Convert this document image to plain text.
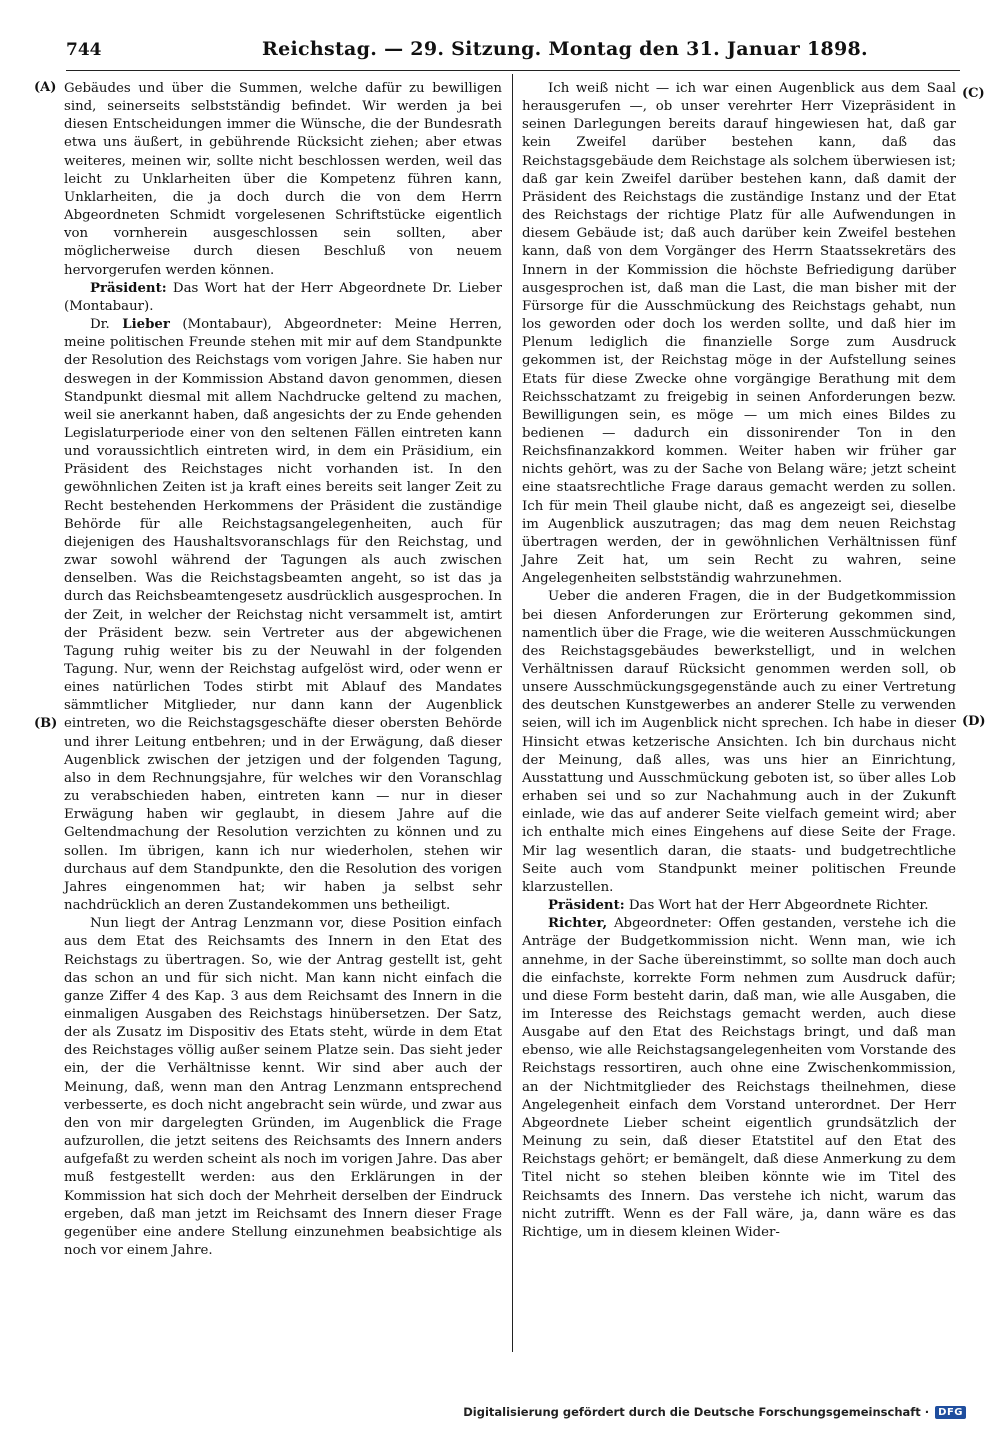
744	Reichstag. — 29. Sitzung. Montag den 31. Januar 1898.
(A)
(B)
(C)
(D)

Gebäudes und über die Summen, welche dafür zu bewilligen sind, seinerseits selbstständig befindet. Wir werden ja bei diesen Entscheidungen immer die Wünsche, die der Bundesrath etwa uns äußert, in gebührende Rücksicht ziehen; aber etwas weiteres, meinen wir, sollte nicht beschlossen werden, weil das leicht zu Unklarheiten über die Kompetenz führen kann, Unklarheiten, die ja doch durch die von dem Herrn Abgeordneten Schmidt vorgelesenen Schriftstücke eigentlich von vornherein ausgeschlossen sein sollten, aber möglicherweise durch diesen Beschluß von neuem hervorgerufen werden können.

Präsident: Das Wort hat der Herr Abgeordnete Dr. Lieber (Montabaur).

Dr. Lieber (Montabaur), Abgeordneter: Meine Herren, meine politischen Freunde stehen mit mir auf dem Standpunkte der Resolution des Reichstags vom vorigen Jahre. Sie haben nur deswegen in der Kommission Abstand davon genommen, diesen Standpunkt diesmal mit allem Nachdrucke geltend zu machen, weil sie anerkannt haben, daß angesichts der zu Ende gehenden Legislaturperiode einer von den seltenen Fällen eintreten kann und voraussichtlich eintreten wird, in dem ein Präsidium, ein Präsident des Reichstages nicht vorhanden ist. In den gewöhnlichen Zeiten ist ja kraft eines bereits seit langer Zeit zu Recht bestehenden Herkommens der Präsident die zuständige Behörde für alle Reichstagsangelegenheiten, auch für diejenigen des Haushaltsvoranschlags für den Reichstag, und zwar sowohl während der Tagungen als auch zwischen denselben. Was die Reichstagsbeamten angeht, so ist das ja durch das Reichsbeamtengesetz ausdrücklich ausgesprochen. In der Zeit, in welcher der Reichstag nicht versammelt ist, amtirt der Präsident bezw. sein Vertreter aus der abgewichenen Tagung ruhig weiter bis zu der Neuwahl in der folgenden Tagung. Nur, wenn der Reichstag aufgelöst wird, oder wenn er eines natürlichen Todes stirbt mit Ablauf des Mandates sämmtlicher Mitglieder, nur dann kann der Augenblick eintreten, wo die Reichstagsgeschäfte dieser obersten Behörde und ihrer Leitung entbehren; und in der Erwägung, daß dieser Augenblick zwischen der jetzigen und der folgenden Tagung, also in dem Rechnungsjahre, für welches wir den Voranschlag zu verabschieden haben, eintreten kann — nur in dieser Erwägung haben wir geglaubt, in diesem Jahre auf die Geltendmachung der Resolution verzichten zu können und zu sollen. Im übrigen, kann ich nur wiederholen, stehen wir durchaus auf dem Standpunkte, den die Resolution des vorigen Jahres eingenommen hat; wir haben ja selbst sehr nachdrücklich an deren Zustandekommen uns betheiligt.

Nun liegt der Antrag Lenzmann vor, diese Position einfach aus dem Etat des Reichsamts des Innern in den Etat des Reichstags zu übertragen. So, wie der Antrag gestellt ist, geht das schon an und für sich nicht. Man kann nicht einfach die ganze Ziffer 4 des Kap. 3 aus dem Reichsamt des Innern in die einmaligen Ausgaben des Reichstags hinübersetzen. Der Satz, der als Zusatz im Dispositiv des Etats steht, würde in dem Etat des Reichstages völlig außer seinem Platze sein. Das sieht jeder ein, der die Verhältnisse kennt. Wir sind aber auch der Meinung, daß, wenn man den Antrag Lenzmann entsprechend verbesserte, es doch nicht angebracht sein würde, und zwar aus den von mir dargelegten Gründen, im Augenblick die Frage aufzurollen, die jetzt seitens des Reichsamts des Innern anders aufgefaßt zu werden scheint als noch im vorigen Jahre. Das aber muß festgestellt werden: aus den Erklärungen in der Kommission hat sich doch der Mehrheit derselben der Eindruck ergeben, daß man jetzt im Reichsamt des Innern dieser Frage gegenüber eine andere Stellung einzunehmen beabsichtige als noch vor einem Jahre.

Ich weiß nicht — ich war einen Augenblick aus dem Saal herausgerufen —, ob unser verehrter Herr Vizepräsident in seinen Darlegungen bereits darauf hingewiesen hat, daß gar kein Zweifel darüber bestehen kann, daß das Reichstagsgebäude dem Reichstage als solchem überwiesen ist; daß gar kein Zweifel darüber bestehen kann, daß damit der Präsident des Reichstags die zuständige Instanz und der Etat des Reichstags der richtige Platz für alle Aufwendungen in diesem Gebäude ist; daß auch darüber kein Zweifel bestehen kann, daß von dem Vorgänger des Herrn Staatssekretärs des Innern in der Kommission die höchste Befriedigung darüber ausgesprochen ist, daß man die Last, die man bisher mit der Fürsorge für die Ausschmückung des Reichstags gehabt, nun los geworden oder doch los werden sollte, und daß hier im Plenum lediglich die finanzielle Sorge zum Ausdruck gekommen ist, der Reichstag möge in der Aufstellung seines Etats für diese Zwecke ohne vorgängige Berathung mit dem Reichsschatzamt zu freigebig in seinen Anforderungen bezw. Bewilligungen sein, es möge — um mich eines Bildes zu bedienen — dadurch ein dissonirender Ton in den Reichsfinanzakkord kommen. Weiter haben wir früher gar nichts gehört, was zu der Sache von Belang wäre; jetzt scheint eine staatsrechtliche Frage daraus gemacht werden zu sollen. Ich für mein Theil glaube nicht, daß es angezeigt sei, dieselbe im Augenblick auszutragen; das mag dem neuen Reichstag übertragen werden, der in gewöhnlichen Verhältnissen fünf Jahre Zeit hat, um sein Recht zu wahren, seine Angelegenheiten selbstständig wahrzunehmen.

Ueber die anderen Fragen, die in der Budgetkommission bei diesen Anforderungen zur Erörterung gekommen sind, namentlich über die Frage, wie die weiteren Ausschmückungen des Reichstagsgebäudes bewerkstelligt, und in welchen Verhältnissen darauf Rücksicht genommen werden soll, ob unsere Ausschmückungsgegenstände auch zu einer Vertretung des deutschen Kunstgewerbes an anderer Stelle zu verwenden seien, will ich im Augenblick nicht sprechen. Ich habe in dieser Hinsicht etwas ketzerische Ansichten. Ich bin durchaus nicht der Meinung, daß alles, was uns hier an Einrichtung, Ausstattung und Ausschmückung geboten ist, so über alles Lob erhaben sei und so zur Nachahmung auch in der Zukunft einlade, wie das auf anderer Seite vielfach gemeint wird; aber ich enthalte mich eines Eingehens auf diese Seite der Frage. Mir lag wesentlich daran, die staats- und budgetrechtliche Seite auch vom Standpunkt meiner politischen Freunde klarzustellen.

Präsident: Das Wort hat der Herr Abgeordnete Richter.

Richter, Abgeordneter: Offen gestanden, verstehe ich die Anträge der Budgetkommission nicht. Wenn man, wie ich annehme, in der Sache übereinstimmt, so sollte man doch auch die einfachste, korrekte Form nehmen zum Ausdruck dafür; und diese Form besteht darin, daß man, wie alle Ausgaben, die im Interesse des Reichstags gemacht werden, auch diese Ausgabe auf den Etat des Reichstags bringt, und daß man ebenso, wie alle Reichstagsangelegenheiten vom Vorstande des Reichstags ressortiren, auch ohne eine Zwischenkommission, an der Nichtmitglieder des Reichstags theilnehmen, diese Angelegenheit einfach dem Vorstand unterordnet. Der Herr Abgeordnete Lieber scheint eigentlich grundsätzlich der Meinung zu sein, daß dieser Etatstitel auf den Etat des Reichstags gehört; er bemängelt, daß diese Anmerkung zu dem Titel nicht so stehen bleiben könnte wie im Titel des Reichsamts des Innern. Das verstehe ich nicht, warum das nicht zutrifft. Wenn es der Fall wäre, ja, dann wäre es das Richtige, um in diesem kleinen Wider-

Digitalisierung gefördert durch die Deutsche Forschungsgemeinschaft · DFG
